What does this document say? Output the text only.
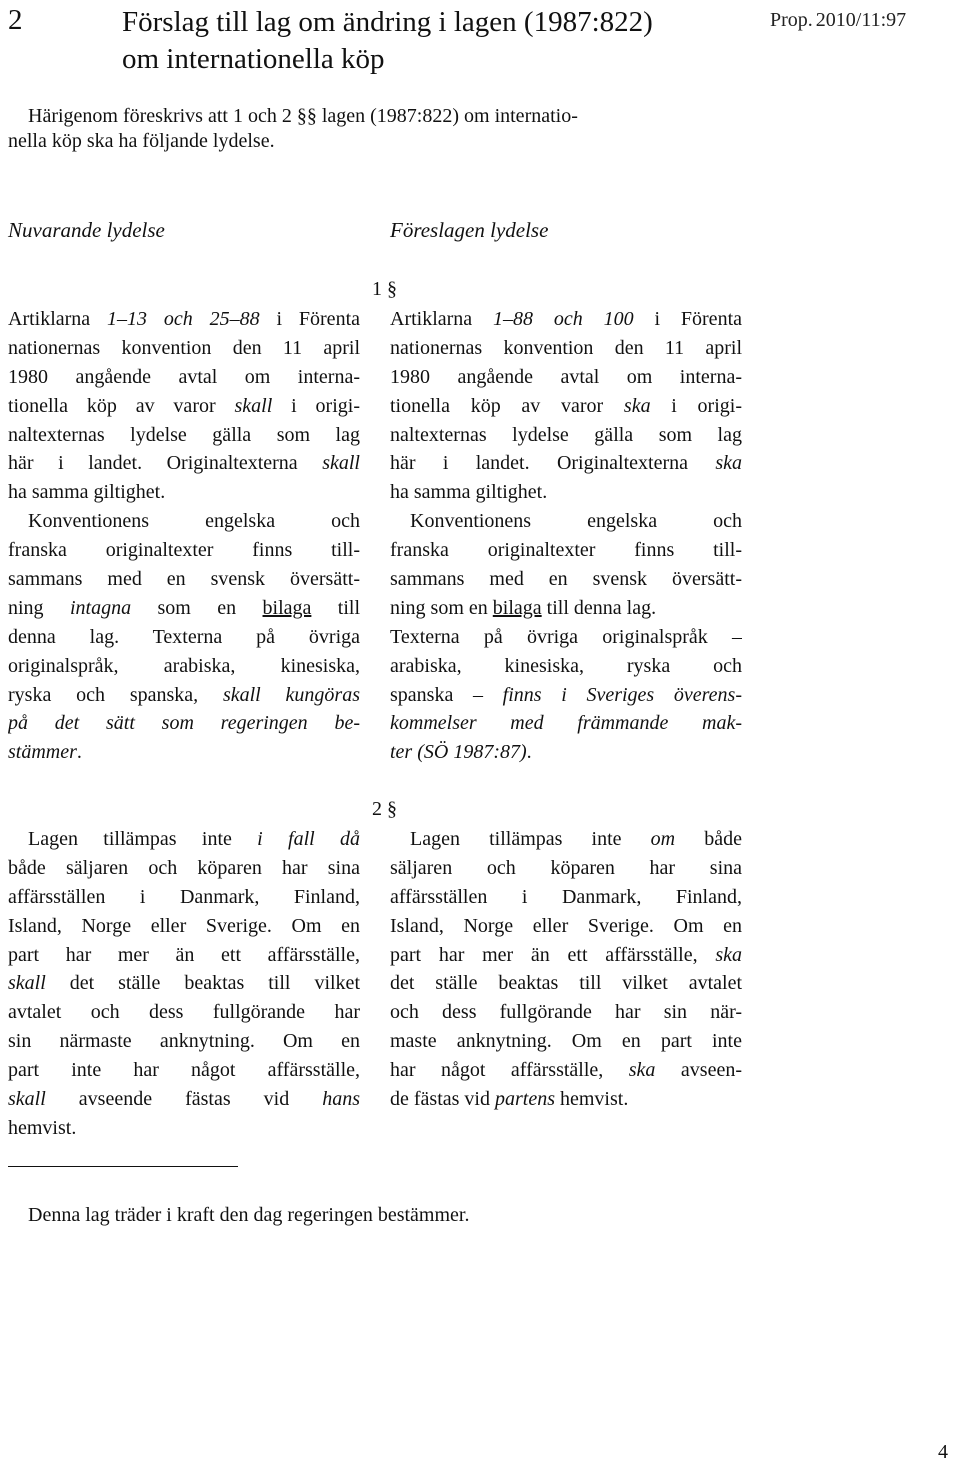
2	Förslag till lag om ändring i lagen (1987:822)
om internationella köp
Prop. 2010/11:97
Härigenom föreskrivs att 1 och 2 §§ lagen (1987:822) om internatio-
nella köp ska ha följande lydelse.
Nuvarande lydelse	Föreslagen lydelse
1 §
Artiklarna 1–13 och 25–88 i Förenta
nationernas konvention den 11 april
1980 angående avtal om interna-
tionella köp av varor skall i origi-
naltexternas lydelse gälla som lag
här i landet. Originaltexterna skall
ha samma giltighet.
 Konventionens engelska och
franska originaltexter finns till-
sammans med en svensk översätt-
ning intagna som en bilaga till
denna lag. Texterna på övriga
originalspråk, arabiska, kinesiska,
ryska och spanska, skall kungöras
på det sätt som regeringen be-
stämmer.
Artiklarna 1–88 och 100 i Förenta
nationernas konvention den 11 april
1980 angående avtal om interna-
tionella köp av varor ska i origi-
naltexternas lydelse gälla som lag
här i landet. Originaltexterna ska
ha samma giltighet.
 Konventionens engelska och
franska originaltexter finns till-
sammans med en svensk översätt-
ning som en bilaga till denna lag.
Texterna på övriga originalspråk –
arabiska, kinesiska, ryska och
spanska – finns i Sveriges överens-
kommelser med främmande mak-
ter (SÖ 1987:87).
2 §
 Lagen tillämpas inte i fall då
både säljaren och köparen har sina
affärsställen i Danmark, Finland,
Island, Norge eller Sverige. Om en
part har mer än ett affärsställe,
skall det ställe beaktas till vilket
avtalet och dess fullgörande har
sin närmaste anknytning. Om en
part inte har något affärsställe,
skall avseende fästas vid hans
hemvist.
 Lagen tillämpas inte om både
säljaren och köparen har sina
affärsställen i Danmark, Finland,
Island, Norge eller Sverige. Om en
part har mer än ett affärsställe, ska
det ställe beaktas till vilket avtalet
och dess fullgörande har sin när-
maste anknytning. Om en part inte
har något affärsställe, ska avseen-
de fästas vid partens hemvist.
Denna lag träder i kraft den dag regeringen bestämmer.
4
